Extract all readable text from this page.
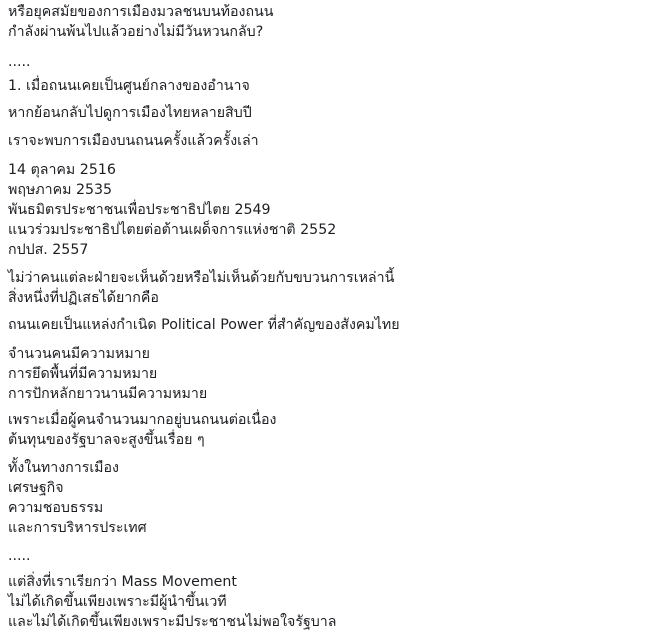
หรือยุคสมัยของการเมืองมวลชนบนท้องถนน
กำลังผ่านพ้นไปแล้วอย่างไม่มีวันหวนกลับ?
.....
1. เมื่อถนนเคยเป็นศูนย์กลางของอำนาจ
หากย้อนกลับไปดูการเมืองไทยหลายสิบปี
เราจะพบการเมืองบนถนนครั้งแล้วครั้งเล่า
14 ตุลาคม 2516
พฤษภาคม 2535
พันธมิตรประชาชนเพื่อประชาธิปไตย 2549
แนวร่วมประชาธิปไตยต่อต้านเผด็จการแห่งชาติ 2552
กปปส. 2557
ไม่ว่าคนแต่ละฝ่ายจะเห็นด้วยหรือไม่เห็นด้วยกับขบวนการเหล่านี้
สิ่งหนึ่งที่ปฏิเสธได้ยากคือ
ถนนเคยเป็นแหล่งกำเนิด Political Power ที่สำคัญของสังคมไทย
จำนวนคนมีความหมาย
การยึดพื้นที่มีความหมาย
การปักหลักยาวนานมีความหมาย
เพราะเมื่อผู้คนจำนวนมากอยู่บนถนนต่อเนื่อง
ต้นทุนของรัฐบาลจะสูงขึ้นเรื่อย ๆ
ทั้งในทางการเมือง
เศรษฐกิจ
ความชอบธรรม
และการบริหารประเทศ
.....
แต่สิ่งที่เราเรียกว่า Mass Movement
ไม่ได้เกิดขึ้นเพียงเพราะมีผู้นำขึ้นเวที
และไม่ได้เกิดขึ้นเพียงเพราะมีประชาชนไม่พอใจรัฐบาล
